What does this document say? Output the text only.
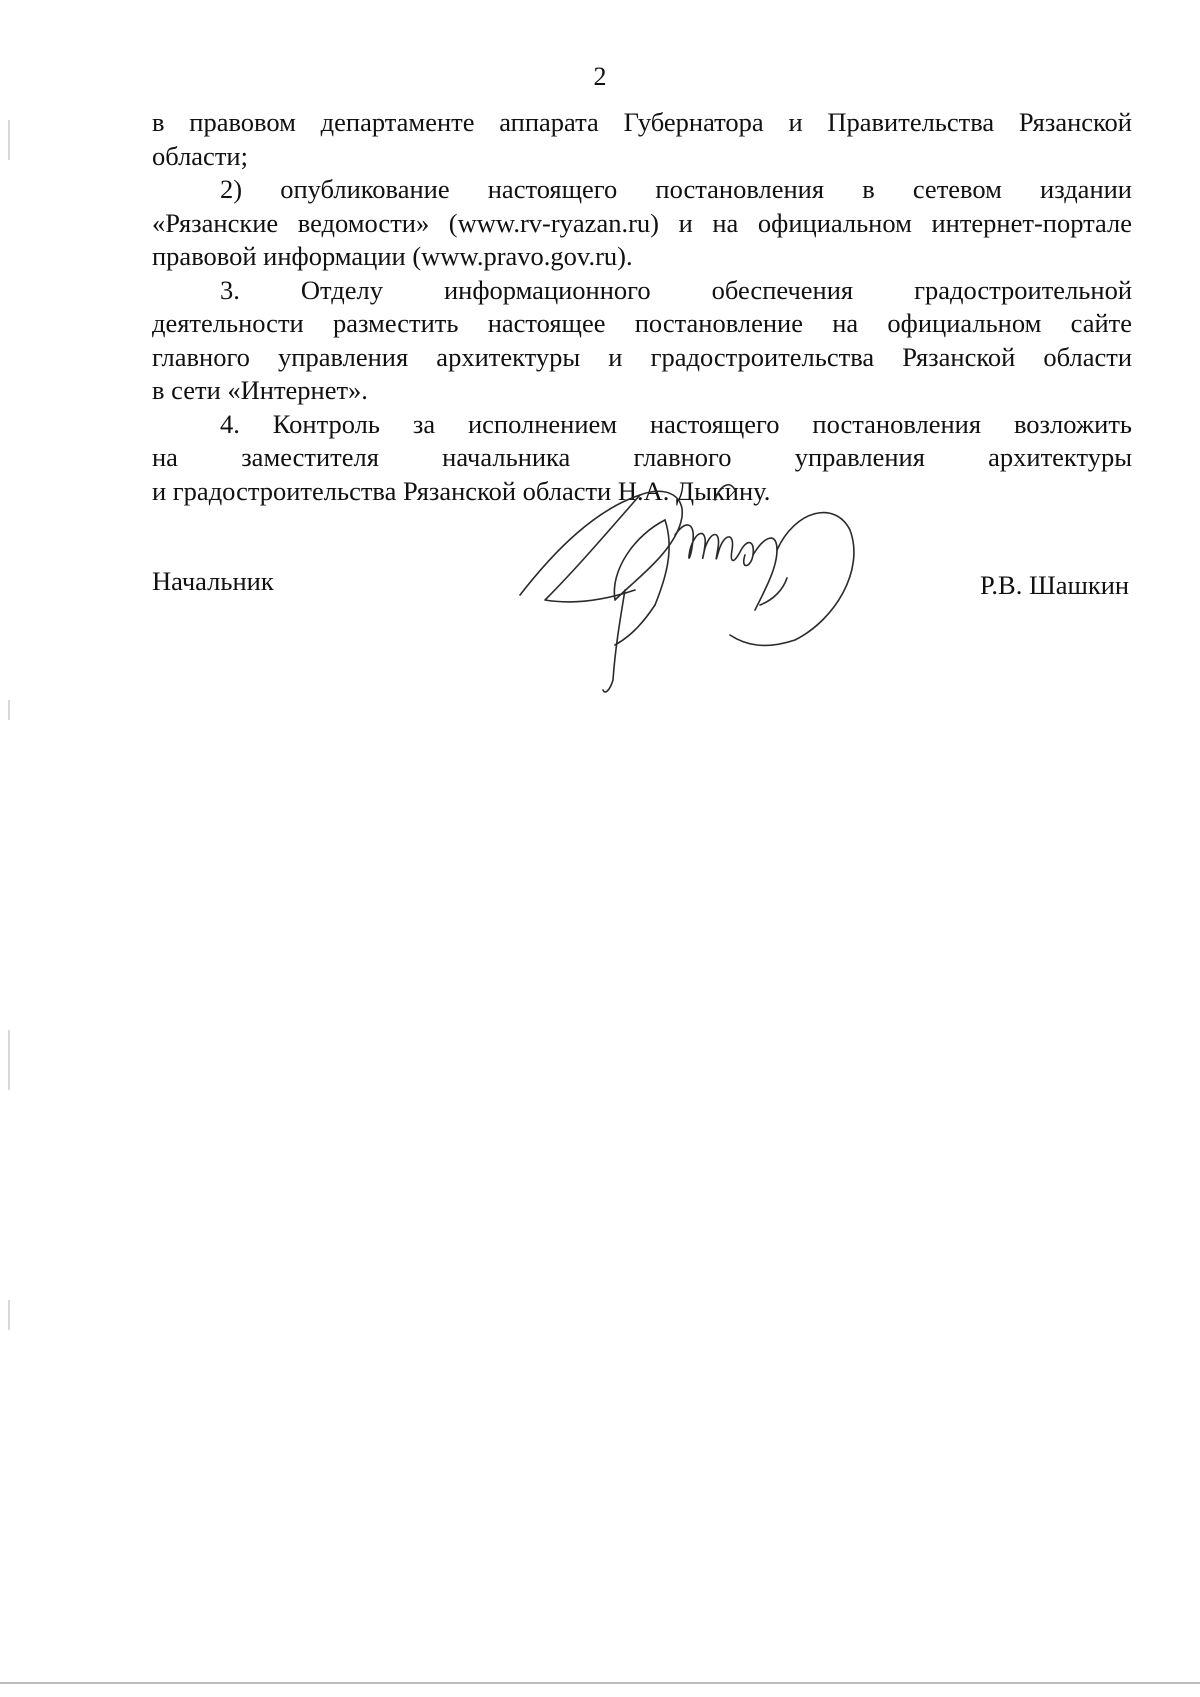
2

в правовом департаменте аппарата Губернатора и Правительства Рязанской
области;

2) опубликование настоящего постановления в сетевом издании
«Рязанские ведомости» (www.rv-ryazan.ru) и на официальном интернет-портале
правовой информации (www.pravo.gov.ru).

3. Отделу информационного обеспечения градостроительной
деятельности разместить настоящее постановление на официальном сайте
главного управления архитектуры и градостроительства Рязанской области
в сети «Интернет».

4. Контроль за исполнением настоящего постановления возложить
на заместителя начальника главного управления архитектуры
и градостроительства Рязанской области Н.А. Дыкину.

Начальник	Р.В. Шашкин
